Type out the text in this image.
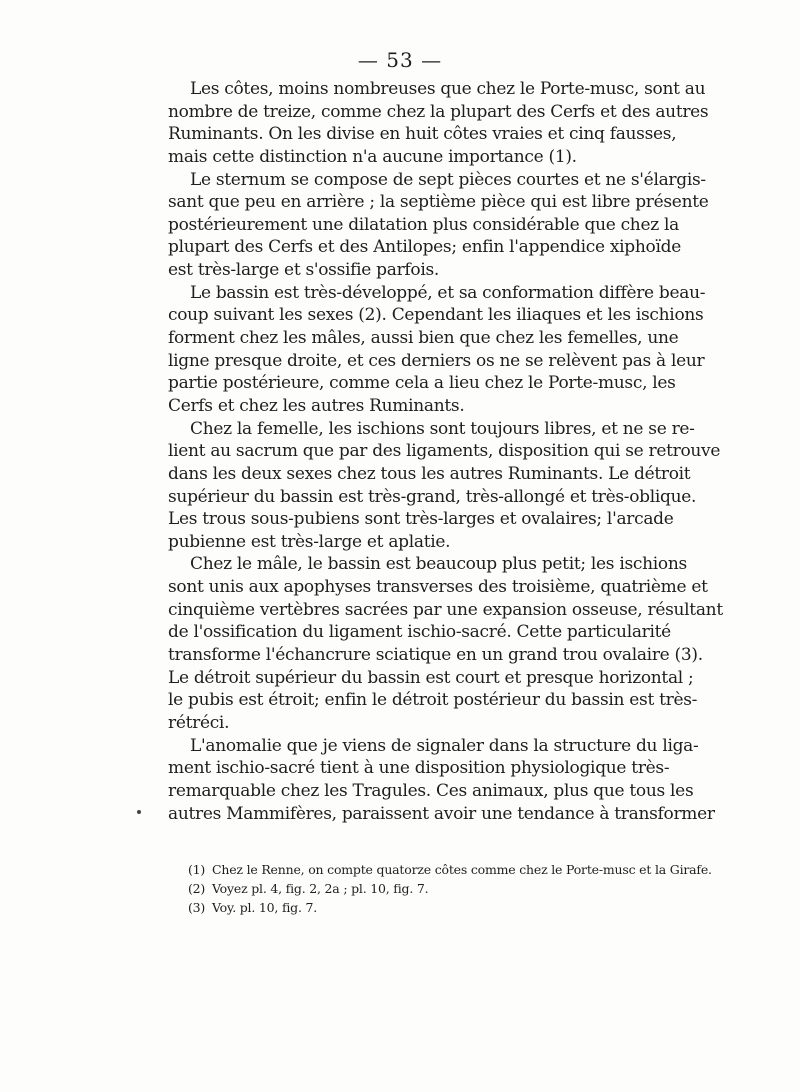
— 53 —
Les côtes, moins nombreuses que chez le Porte-musc, sont au
nombre de treize, comme chez la plupart des Cerfs et des autres
Ruminants. On les divise en huit côtes vraies et cinq fausses,
mais cette distinction n'a aucune importance (1).
Le sternum se compose de sept pièces courtes et ne s'élargis-
sant que peu en arrière ; la septième pièce qui est libre présente
postérieurement une dilatation plus considérable que chez la
plupart des Cerfs et des Antilopes; enfin l'appendice xiphoïde
est très-large et s'ossifie parfois.
Le bassin est très-développé, et sa conformation diffère beau-
coup suivant les sexes (2). Cependant les iliaques et les ischions
forment chez les mâles, aussi bien que chez les femelles, une
ligne presque droite, et ces derniers os ne se relèvent pas à leur
partie postérieure, comme cela a lieu chez le Porte-musc, les
Cerfs et chez les autres Ruminants.
Chez la femelle, les ischions sont toujours libres, et ne se re-
lient au sacrum que par des ligaments, disposition qui se retrouve
dans les deux sexes chez tous les autres Ruminants. Le détroit
supérieur du bassin est très-grand, très-allongé et très-oblique.
Les trous sous-pubiens sont très-larges et ovalaires; l'arcade
pubienne est très-large et aplatie.
Chez le mâle, le bassin est beaucoup plus petit; les ischions
sont unis aux apophyses transverses des troisième, quatrième et
cinquième vertèbres sacrées par une expansion osseuse, résultant
de l'ossification du ligament ischio-sacré. Cette particularité
transforme l'échancrure sciatique en un grand trou ovalaire (3).
Le détroit supérieur du bassin est court et presque horizontal ;
le pubis est étroit; enfin le détroit postérieur du bassin est très-
rétréci.
L'anomalie que je viens de signaler dans la structure du liga-
ment ischio-sacré tient à une disposition physiologique très-
remarquable chez les Tragules. Ces animaux, plus que tous les
autres Mammifères, paraissent avoir une tendance à transformer
(1) Chez le Renne, on compte quatorze côtes comme chez le Porte-musc et la Girafe.
(2) Voyez pl. 4, fig. 2, 2a ; pl. 10, fig. 7.
(3) Voy. pl. 10, fig. 7.
